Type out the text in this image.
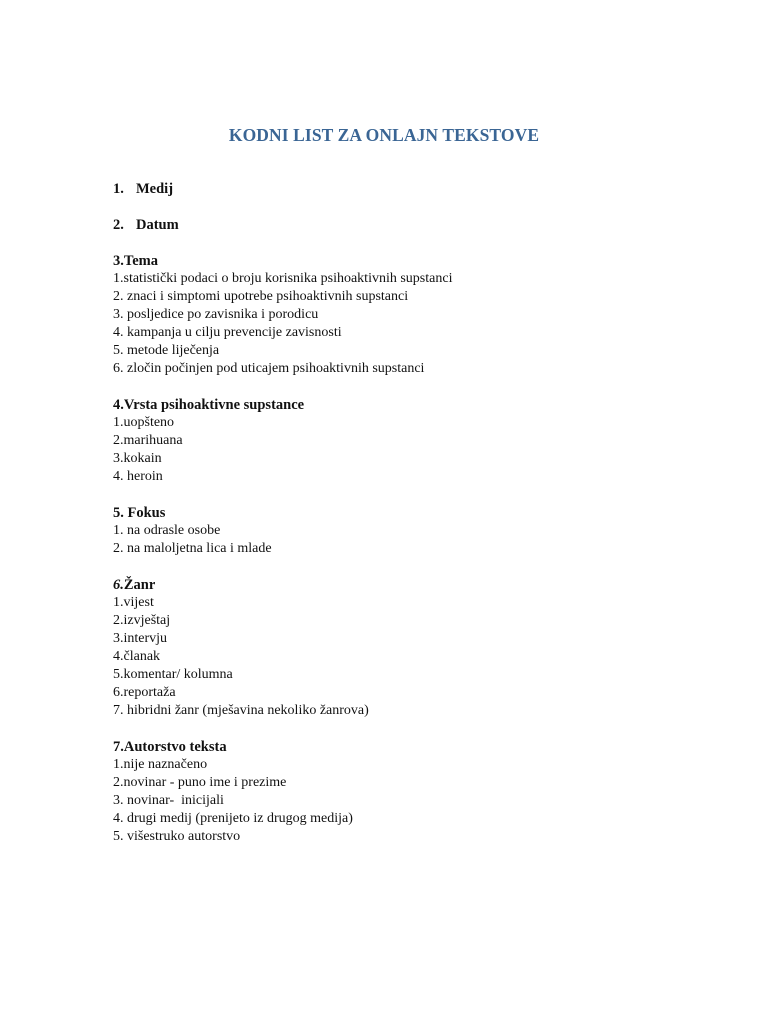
KODNI LIST ZA ONLAJN TEKSTOVE

1. Medij

2. Datum

3.Tema

1.statistički podaci o broju korisnika psihoaktivnih supstanci

2. znaci i simptomi upotrebe psihoaktivnih supstanci

3. posljedice po zavisnika i porodicu

4. kampanja u cilju prevencije zavisnosti

5. metode liječenja

6. zločin počinjen pod uticajem psihoaktivnih supstanci

4.Vrsta psihoaktivne supstance

1.uopšteno

2.marihuana

3.kokain

4. heroin

5. Fokus

1. na odrasle osobe

2. na maloljetna lica i mlade

6.Žanr

1.vijest

2.izvještaj

3.intervju

4.članak

5.komentar/ kolumna

6.reportaža

7. hibridni žanr (mješavina nekoliko žanrova)

7.Autorstvo teksta

1.nije naznačeno

2.novinar - puno ime i prezime

3. novinar-  inicijali

4. drugi medij (prenijeto iz drugog medija)

5. višestruko autorstvo
